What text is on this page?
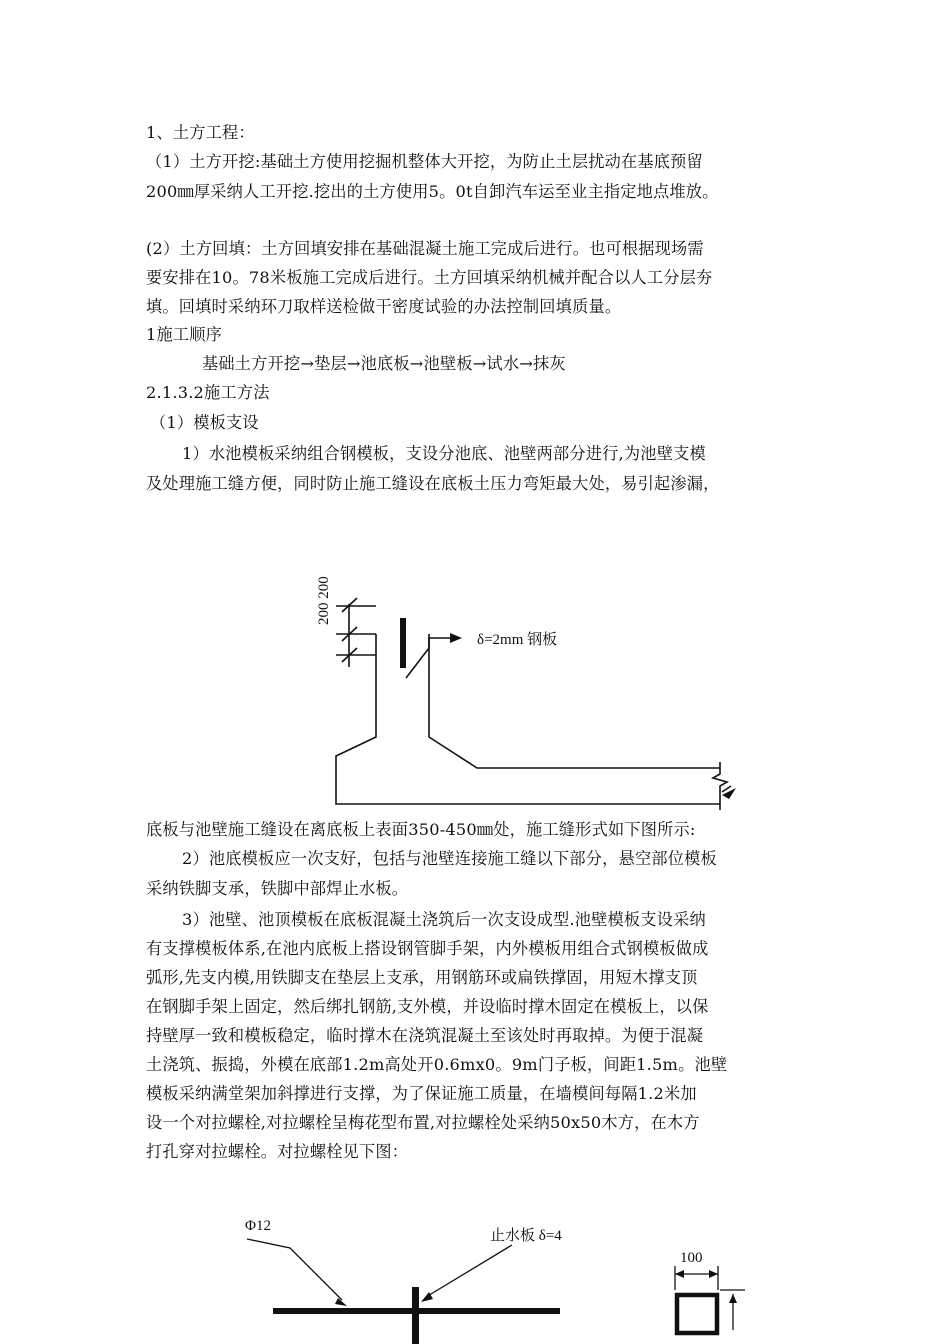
1、土方工程：
（1）土方开挖:基础土方使用挖掘机整体大开挖，为防止土层扰动在基底预留
200㎜厚采纳人工开挖.挖出的土方使用5。0t自卸汽车运至业主指定地点堆放。
(2）土方回填：土方回填安排在基础混凝土施工完成后进行。也可根据现场需
要安排在10。78米板施工完成后进行。土方回填采纳机械并配合以人工分层夯
填。回填时采纳环刀取样送检做干密度试验的办法控制回填质量。
1施工顺序
基础土方开挖→垫层→池底板→池壁板→试水→抹灰
2.1.3.2施工方法
（1）模板支设
1）水池模板采纳组合钢模板，支设分池底、池壁两部分进行,为池壁支模
及处理施工缝方便，同时防止施工缝设在底板土压力弯矩最大处，易引起渗漏，
200 200
δ=2mm 钢板
底板与池壁施工缝设在离底板上表面350-450㎜处，施工缝形式如下图所示:
2）池底模板应一次支好，包括与池壁连接施工缝以下部分，悬空部位模板
采纳铁脚支承，铁脚中部焊止水板。
3）池壁、池顶模板在底板混凝土浇筑后一次支设成型.池壁模板支设采纳
有支撑模板体系,在池内底板上搭设钢管脚手架，内外模板用组合式钢模板做成
弧形,先支内模,用铁脚支在垫层上支承，用钢筋环或扁铁撑固，用短木撑支顶
在钢脚手架上固定，然后绑扎钢筋,支外模，并设临时撑木固定在模板上，以保
持壁厚一致和模板稳定，临时撑木在浇筑混凝土至该处时再取掉。为便于混凝
土浇筑、振捣，外模在底部1.2m高处开0.6mx0。9m门子板，间距1.5m。池壁
模板采纳满堂架加斜撑进行支撑，为了保证施工质量，在墙模间每隔1.2米加
设一个对拉螺栓,对拉螺栓呈梅花型布置,对拉螺栓处采纳50x50木方，在木方
打孔穿对拉螺栓。对拉螺栓见下图：
Φ12
止水板 δ=4
100
